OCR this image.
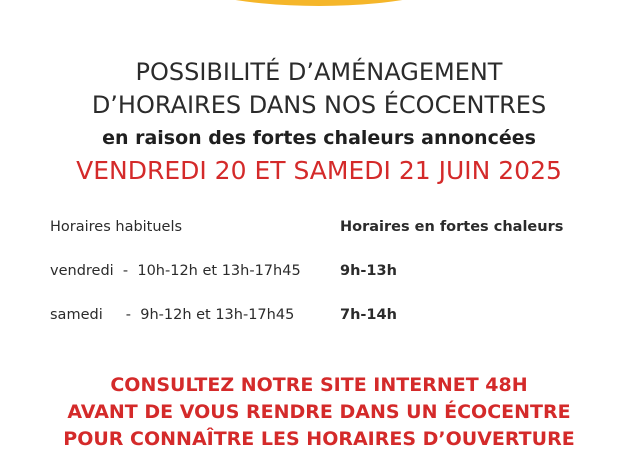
POSSIBILITÉ D’AMÉNAGEMENT
D’HORAIRES DANS NOS ÉCOCENTRES
en raison des fortes chaleurs annoncées
VENDREDI 20 ET SAMEDI 21 JUIN 2025
Horaires habituels	Horaires en fortes chaleurs
vendredi  -  10h-12h et 13h-17h45	9h-13h
samedi     -  9h-12h et 13h-17h45	7h-14h
CONSULTEZ NOTRE SITE INTERNET 48H
AVANT DE VOUS RENDRE DANS UN ÉCOCENTRE
POUR CONNAÎTRE LES HORAIRES D’OUVERTURE
